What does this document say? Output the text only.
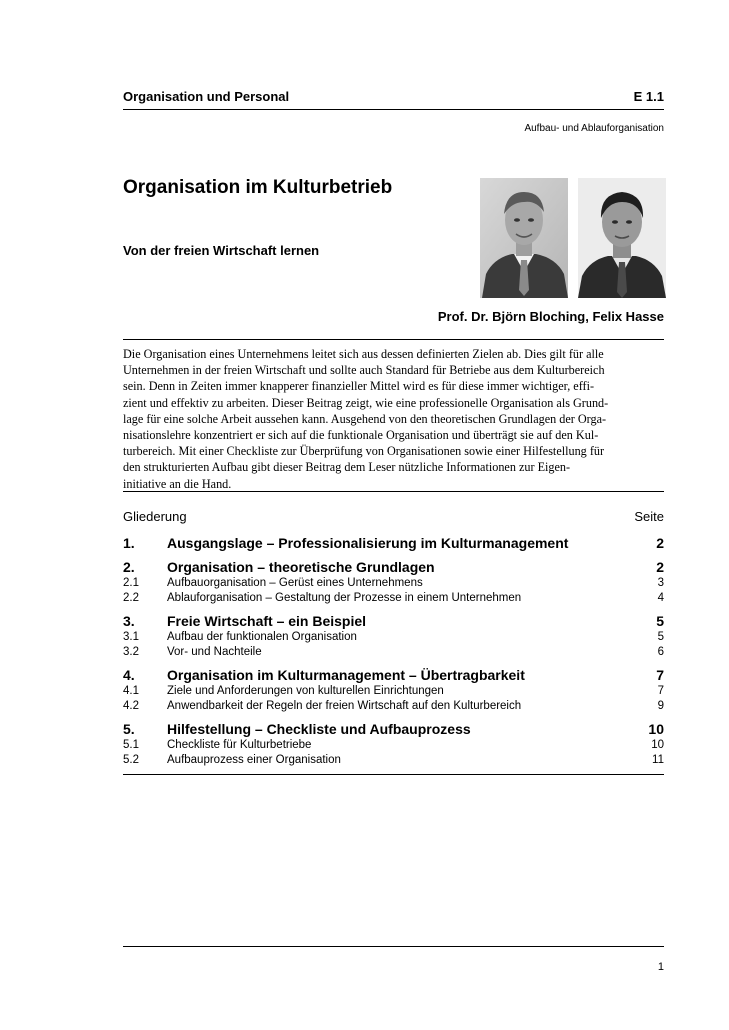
Organisation und Personal	E 1.1
Aufbau- und Ablauforganisation
Organisation im Kulturbetrieb
Von der freien Wirtschaft lernen
Prof. Dr. Björn Bloching, Felix Hasse
Die Organisation eines Unternehmens leitet sich aus dessen definierten Zielen ab. Dies gilt für alle
Unternehmen in der freien Wirtschaft und sollte auch Standard für Betriebe aus dem Kulturbereich
sein. Denn in Zeiten immer knapperer finanzieller Mittel wird es für diese immer wichtiger, effi-
zient und effektiv zu arbeiten. Dieser Beitrag zeigt, wie eine professionelle Organisation als Grund-
lage für eine solche Arbeit aussehen kann. Ausgehend von den theoretischen Grundlagen der Orga-
nisationslehre konzentriert er sich auf die funktionale Organisation und überträgt sie auf den Kul-
turbereich. Mit einer Checkliste zur Überprüfung von Organisationen sowie einer Hilfestellung für
den strukturierten Aufbau gibt dieser Beitrag dem Leser nützliche Informationen zur Eigen-
initiative an die Hand.
Gliederung	Seite
1. Ausgangslage – Professionalisierung im Kulturmanagement	2
2. Organisation – theoretische Grundlagen	2
2.1 Aufbauorganisation – Gerüst eines Unternehmens	3
2.2 Ablauforganisation – Gestaltung der Prozesse in einem Unternehmen	4
3. Freie Wirtschaft – ein Beispiel	5
3.1 Aufbau der funktionalen Organisation	5
3.2 Vor- und Nachteile	6
4. Organisation im Kulturmanagement – Übertragbarkeit	7
4.1 Ziele und Anforderungen von kulturellen Einrichtungen	7
4.2 Anwendbarkeit der Regeln der freien Wirtschaft auf den Kulturbereich	9
5. Hilfestellung – Checkliste und Aufbauprozess	10
5.1 Checkliste für Kulturbetriebe	10
5.2 Aufbauprozess einer Organisation	11
1
